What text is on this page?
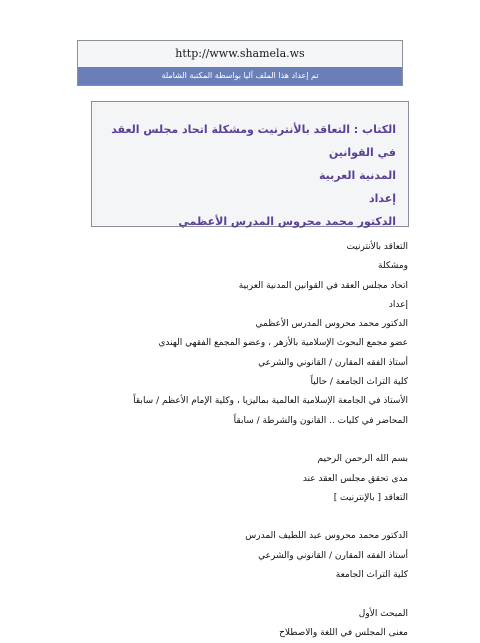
http://www.shamela.ws
تم إعداد هذا الملف آليا بواسطة المكتبة الشاملة
الكتاب : التعاقد بالأنترنيت ومشكلة اتحاد مجلس العقد في القوانين
المدنية العربية
إعداد
الدكتور محمد محروس المدرس الأعظمي
التعاقد بالأنترنيت
ومشكلة
اتحاد مجلس العقد في القوانين المدنية العربية
إعداد
الدكتور محمد محروس المدرس الأعظمي
عضو مجمع البحوث الإسلامية بالأزهر ، وعضو المجمع الفقهي الهندي
أستاذ الفقه المقارن / القانوني والشرعي
كلية التراث الجامعة / حالياً
الأستاذ في الجامعة الإسلامية العالمية بماليزيا ، وكلية الإمام الأعظم / سابقاً
المحاضر في كليات .. القانون والشرطة / سابقاً
بسم الله الرحمن الرحيم
مدى تحقق مجلس العقد عند
التعاقد [ بالإنترنيت ]
الدكتور محمد محروس عبد اللطيف المدرس
أستاذ الفقه المقارن / القانوني والشرعي
كلية التراث الجامعة
المبحث الأول
معنى المجلس في اللغة والاصطلاح
